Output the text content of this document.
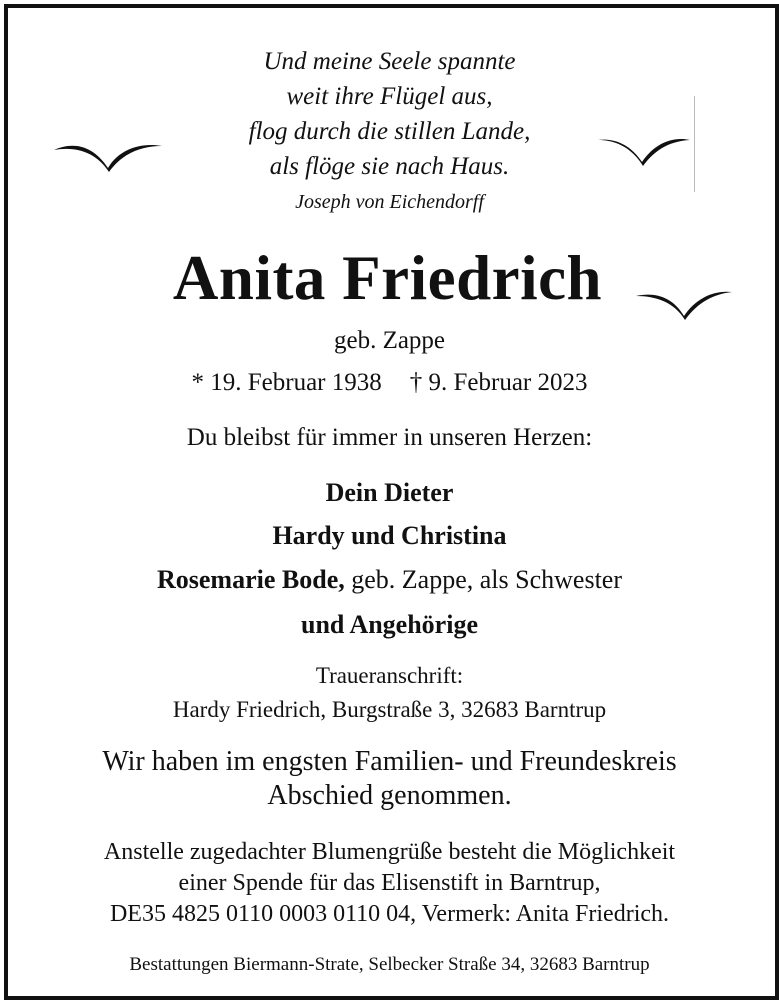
Und meine Seele spannte
weit ihre Flügel aus,
flog durch die stillen Lande,
als flöge sie nach Haus.
Joseph von Eichendorff
Anita Friedrich
geb. Zappe
* 19. Februar 1938 † 9. Februar 2023
Du bleibst für immer in unseren Herzen:
Dein Dieter
Hardy und Christina
Rosemarie Bode, geb. Zappe, als Schwester
und Angehörige
Traueranschrift:
Hardy Friedrich, Burgstraße 3, 32683 Barntrup
Wir haben im engsten Familien- und Freundeskreis
Abschied genommen.
Anstelle zugedachter Blumengrüße besteht die Möglichkeit
einer Spende für das Elisenstift in Barntrup,
DE35 4825 0110 0003 0110 04, Vermerk: Anita Friedrich.
Bestattungen Biermann-Strate, Selbecker Straße 34, 32683 Barntrup
